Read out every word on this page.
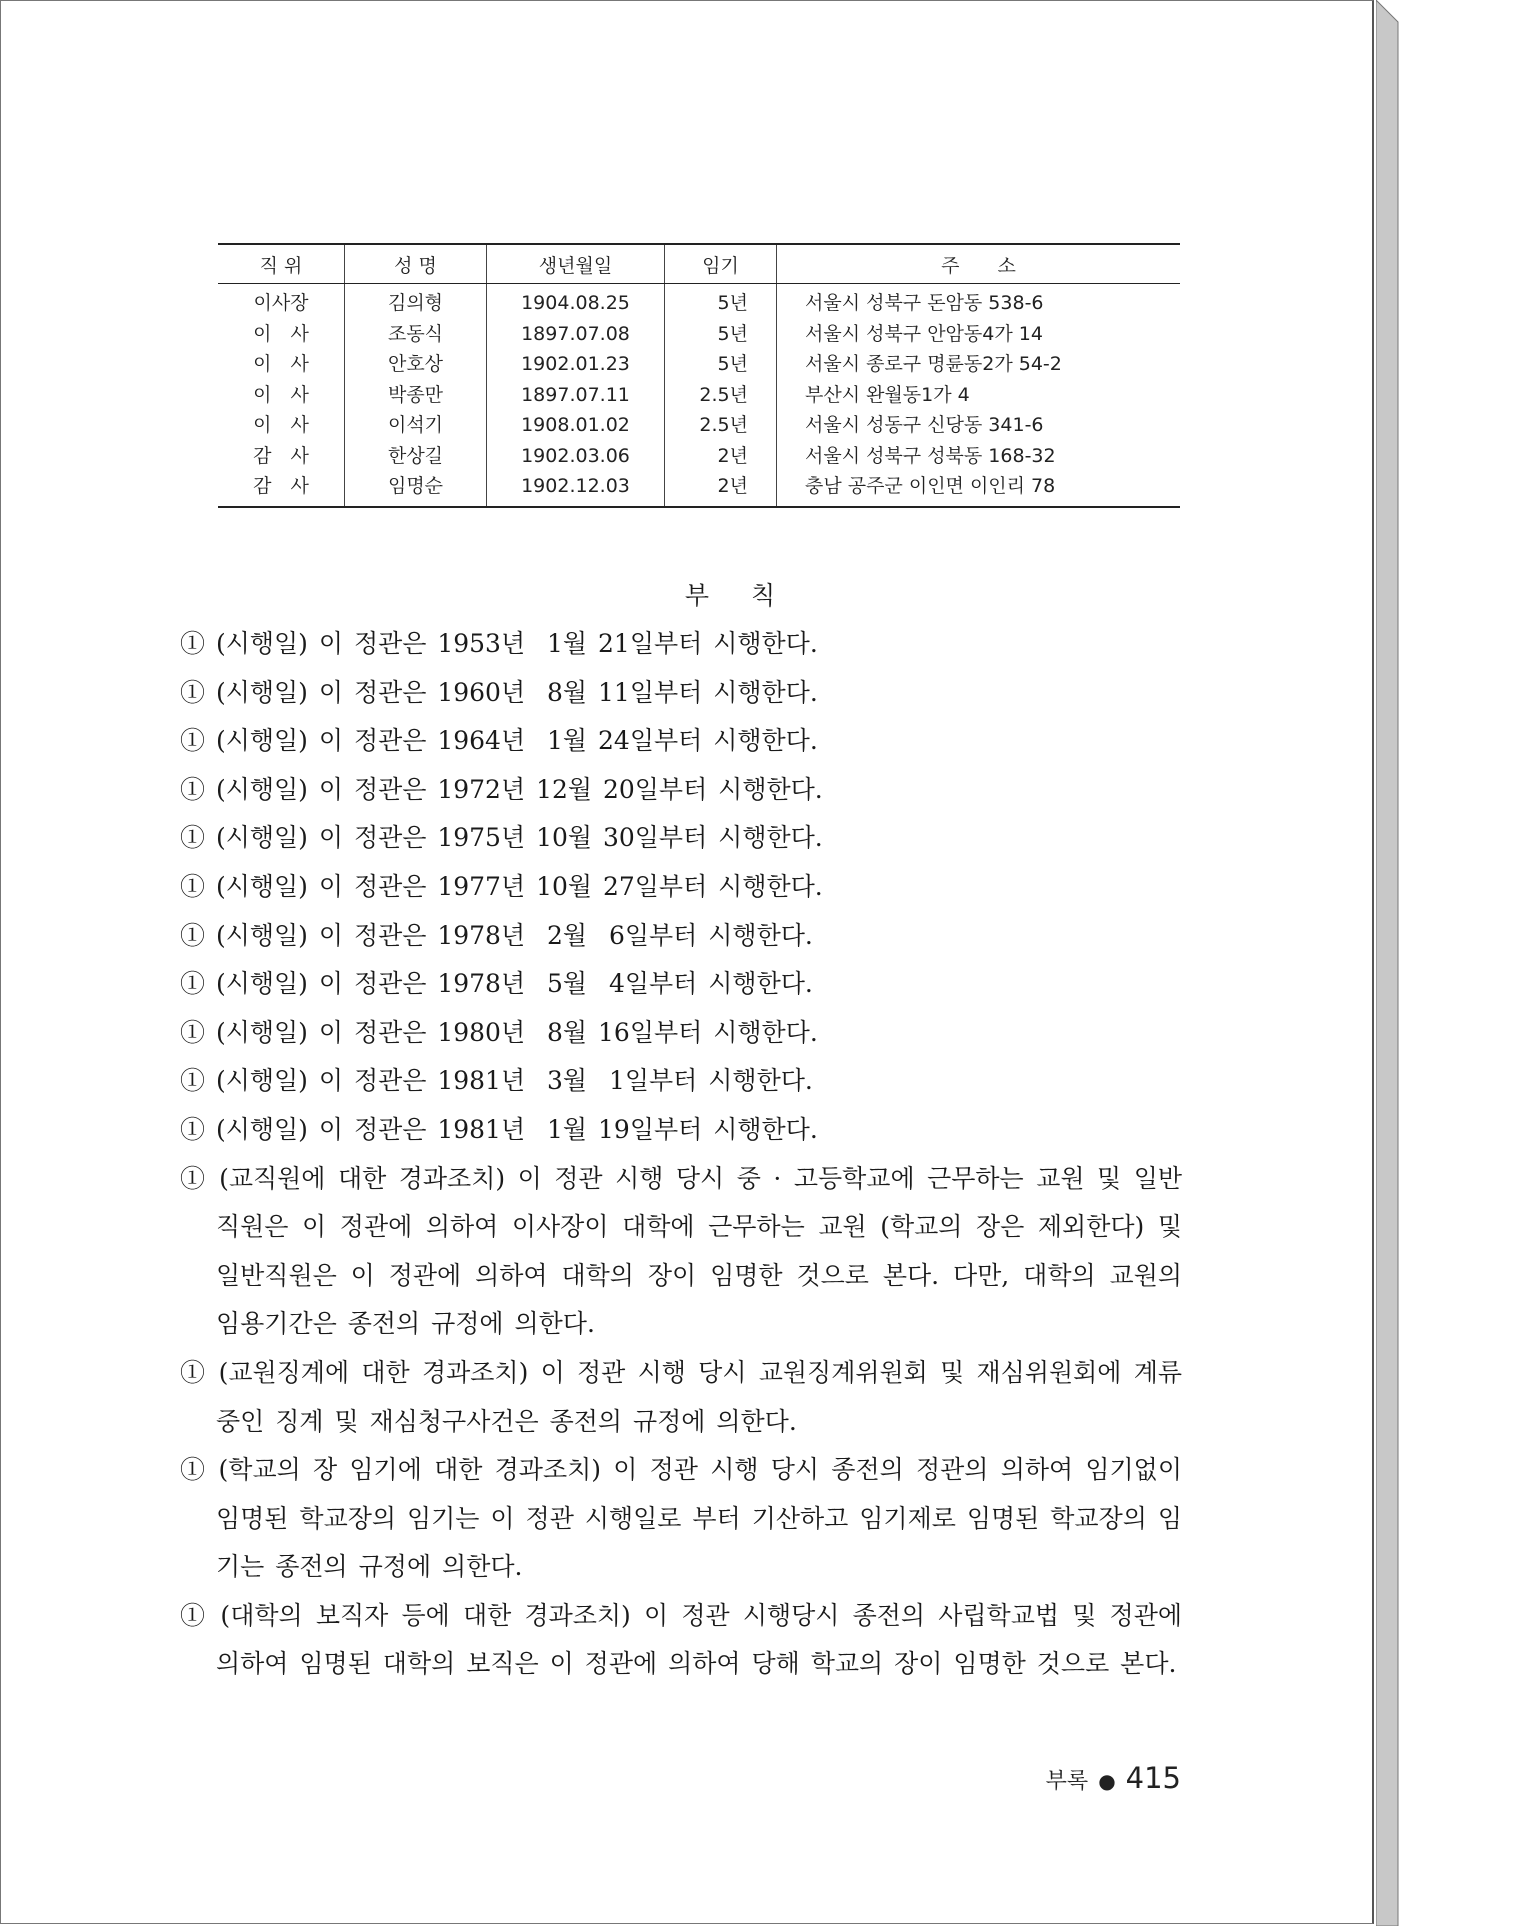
직 위	성 명	생년월일	임기	주　　소
이사장	김의형	1904.08.25	5년	서울시 성북구 돈암동 538-6
이　사	조동식	1897.07.08	5년	서울시 성북구 안암동4가 14
이　사	안호상	1902.01.23	5년	서울시 종로구 명륜동2가 54-2
이　사	박종만	1897.07.11	2.5년	부산시 완월동1가 4
이　사	이석기	1908.01.02	2.5년	서울시 성동구 신당동 341-6
감　사	한상길	1902.03.06	2년	서울시 성북구 성북동 168-32
감　사	임명순	1902.12.03	2년	충남 공주군 이인면 이인리 78
부 칙
① (시행일) 이 정관은 1953년  1월 21일부터 시행한다.
① (시행일) 이 정관은 1960년  8월 11일부터 시행한다.
① (시행일) 이 정관은 1964년  1월 24일부터 시행한다.
① (시행일) 이 정관은 1972년 12월 20일부터 시행한다.
① (시행일) 이 정관은 1975년 10월 30일부터 시행한다.
① (시행일) 이 정관은 1977년 10월 27일부터 시행한다.
① (시행일) 이 정관은 1978년  2월  6일부터 시행한다.
① (시행일) 이 정관은 1978년  5월  4일부터 시행한다.
① (시행일) 이 정관은 1980년  8월 16일부터 시행한다.
① (시행일) 이 정관은 1981년  3월  1일부터 시행한다.
① (시행일) 이 정관은 1981년  1월 19일부터 시행한다.
① (교직원에 대한 경과조치) 이 정관 시행 당시 중 · 고등학교에 근무하는 교원 및 일반직원은 이 정관에 의하여 이사장이 대학에 근무하는 교원 (학교의 장은 제외한다) 및 일반직원은 이 정관에 의하여 대학의 장이 임명한 것으로 본다. 다만, 대학의 교원의 임용기간은 종전의 규정에 의한다.
① (교원징계에 대한 경과조치) 이 정관 시행 당시 교원징계위원회 및 재심위원회에 계류중인 징계 및 재심청구사건은 종전의 규정에 의한다.
① (학교의 장 임기에 대한 경과조치) 이 정관 시행 당시 종전의 정관의 의하여 임기없이 임명된 학교장의 임기는 이 정관 시행일로 부터 기산하고 임기제로 임명된 학교장의 임기는 종전의 규정에 의한다.
① (대학의 보직자 등에 대한 경과조치) 이 정관 시행당시 종전의 사립학교법 및 정관에 의하여 임명된 대학의 보직은 이 정관에 의하여 당해 학교의 장이 임명한 것으로 본다.
부록 ● 415
